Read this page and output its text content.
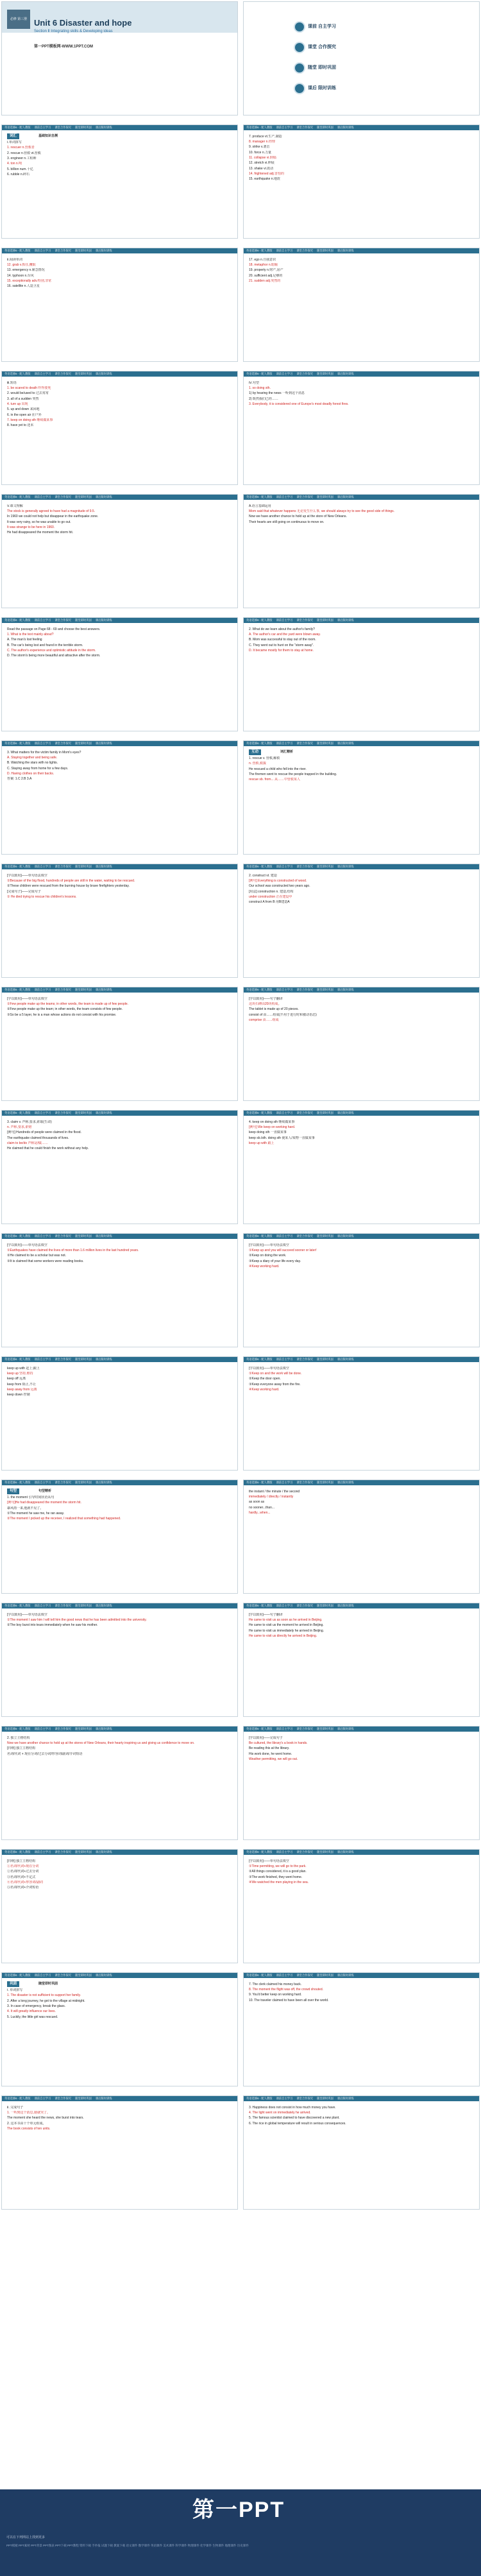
必修 第三册 Unit 6 Disaster and hope
Section Ⅱ Integrating skills & Developing ideas
第一PPT模板网-WWW.1PPT.COM
课前 自主学习
课堂 合作探究
随堂 即时巩固
课后 限时训练
英语选修6 · 配人教版 课前自主学习 课堂合作探究 随堂即时巩固 课后限时训练
词汇	基础知识自测
Ⅰ.单词拼写
1. rescuer n.营救者
2. rescue n.营救 vt.营救
3. engineer n.工程师
4. ton n.吨
5. billion num.十亿
6. rubble n.碎石
英语选修6 · 配人教版 课前自主学习 课堂合作探究 随堂即时巩固 课后限时训练
7. produce vt.生产,制造
8. manager n.经理
9. strike v.袭击
10. force n.力量
11. collapse vi.倒塌
12. stretch vi.伸展
13. shake vi.震动
14. frightened adj.害怕的
15. earthquake n.地震
英语选修6 · 配人教版 课前自主学习 课堂合作探究 随堂即时巩固 课后限时训练
Ⅱ.阅读单词
12. grab v.抓住,攫取
13. emergency n.紧急情况
14. typhoon n.台风
15. exceptionally adv.特别,非常
16. satellite n.人造卫星
英语选修6 · 配人教版 课前自主学习 课堂合作探究 随堂即时巩固 课后限时训练
17. ego n.自我意识
18. metaphor n.暗喻
19. property n.财产,房产
20. sufficient adj.足够的
21. sudden adj.突然的
英语选修6 · 配人教版 课前自主学习 课堂合作探究 随堂即时巩固 课后限时训练
Ⅲ.短语
1. be scared to death 吓得要死
2. would be/used to 过去常常
3. all of a sudden 突然
4. turn up 出现
5. up and down 来回地
6. in the open air 在户外
7. keep on doing sth 继续做某事
8. have yet to 还未
英语选修6 · 配人教版 课前自主学习 课堂合作探究 随堂即时巩固 课后限时训练
Ⅳ.句型
1. so doing sth.
1) by hearing the news 一听到这个消息
2) 既然我们已经……
3. Everybody, it is considered one of Europe's most deadly forest fires.
英语选修6 · 配人教版 课前自主学习 课堂合作探究 随堂即时巩固 课后限时训练
Ⅴ.课文理解
The stock is generally agreed to have had a magnitude of 9.5.
In 1960 we could not help but disappear in the earthquake zone.
It was very rainy, so he was unable to go out.
It was strange to be here in 1960.
He had disappeared the moment the storm hit.
英语选修6 · 配人教版 课前自主学习 课堂合作探究 随堂即时巩固 课后限时训练
A.语言基础运用
Mom said that whatever happens 无论发生什么事, we should always try to see the good side of things.
Now we have another chance to hold up at the store of New Orleans.
Their hearts are still going on continuous to move on.
英语选修6 · 配人教版 课前自主学习 课堂合作探究 随堂即时巩固 课后限时训练
Read the passage on Page 68 - 69 and choose the best answers.
1. What is the text mainly about?
A. The man's lost feeling
B. The car's being lost and found in the terrible storm.
C. The author's experience and optimistic attitude in the storm.
D. The storm's being more beautiful and attractive after the storm.
英语选修6 · 配人教版 课前自主学习 课堂合作探究 随堂即时巩固 课后限时训练
2. What do we learn about the author's family?
A. The author's car and the yard were blown away.
B. Mom was successful to stay out of the room.
C. They went out to hunt on the "storm away".
D. It became mostly for them to stay at home.
英语选修6 · 配人教版 课前自主学习 课堂合作探究 随堂即时巩固 课后限时训练
3. What matters for the victim family in Mom's eyes?
A. Staying together and being safe.
B. Watching the stars with no lights.
C. Staying away from home for a few days.
D. Having clothes on their backs.
答案: 1.C 2.B 3.A
英语选修6 · 配人教版 课前自主学习 课堂合作探究 随堂即时巩固 课后限时训练
互动	词汇精析
1. rescue v. 营救,解救
n. 营救,救援
He rescued a child who fell into the river.
The firemen went to rescue the people trapped in the building.
rescue sb. from... 从……中营救某人
英语选修6 · 配人教版 课前自主学习 课堂合作探究 随堂即时巩固 课后限时训练
[学以致用]——单句语法填空
①Because of the big flood, hundreds of people are still in the water, waiting to be rescued.
②These children were rescued from the burning house by brave firefighters yesterday.
[完成句子]——完成句子
① He died trying to rescue his children's lessons.
英语选修6 · 配人教版 课前自主学习 课堂合作探究 随堂即时巩固 课后限时训练
2. construct vt. 建造
[例句] Everything is constructed of wood.
Our school was constructed two years ago.
[用法] construction n. 建造,结构
under construction 正在建设中
construct A from B 用B建造A
英语选修6 · 配人教版 课前自主学习 课堂合作探究 随堂即时巩固 课后限时训练
[学以致用]——单句语法填空
①Few people make up the teams; in other words, the team is made up of few people.
②Few people make up the team; in other words, the team consists of few people.
③So be a 5 layer, he is a man whose actions do not consist with his promise.
英语选修6 · 配人教版 课前自主学习 课堂合作探究 随堂即时巩固 课后限时训练
[学以致用]——句子翻译
这块石碑由20块构成。
The tablet is made up of 20 pieces.
consist of 由……组成(不用于进行时和被动语态)
comprise 由……组成
英语选修6 · 配人教版 课前自主学习 课堂合作探究 随堂即时巩固 课后限时训练
3. claim v. 声称,要求,索取(生命)
n. 声称,要求,索赔
[例句] Hundreds of people were claimed in the flood.
The earthquake claimed thousands of lives.
claim to be/do 声称是/做……
He claimed that he could finish the work without any help.
英语选修6 · 配人教版 课前自主学习 课堂合作探究 随堂即时巩固 课后限时训练
4. keep on doing sth 继续做某事
[例句] We keep on working hard.
keep doing sth 一直做某事
keep sb./sth. doing sth 使某人/某物一直做某事
keep up with 跟上
英语选修6 · 配人教版 课前自主学习 课堂合作探究 随堂即时巩固 课后限时训练
[学以致用]——单句语法填空
①Earthquakes have claimed the lives of more than 1.6 million lives in the last hundred years.
②He claimed to be a scholar but was not.
③It is claimed that some workers were reading books.
英语选修6 · 配人教版 课前自主学习 课堂合作探究 随堂即时巩固 课后限时训练
[学以致用]——单句语法填空
①Keep up and you will succeed sooner or later!
②Keep on doing the work.
③Keep a diary of your life every day.
④Keep working hard.
英语选修6 · 配人教版 课前自主学习 课堂合作探究 随堂即时巩固 课后限时训练
keep up with 赶上;跟上
keep up 坚持,维持
keep off 远离
keep from 阻止,不让
keep away from 远离
keep down 控制
英语选修6 · 配人教版 课前自主学习 课堂合作探究 随堂即时巩固 课后限时训练
[学以致用]——单句语法填空
①Keep on and the work will be done.
②Keep the door open.
③Keep everyone away from the fire.
④Keep working hard.
英语选修6 · 配人教版 课前自主学习 课堂合作探究 随堂即时巩固 课后限时训练
句型	句型精析
1. the moment 引导时间状语从句
[例句]He had disappeared the moment the storm hit.
暴风雨一来,他就不见了。
①The moment he saw me, he ran away.
②The moment I picked up the receiver, I realized that something had happened.
英语选修6 · 配人教版 课前自主学习 课堂合作探究 随堂即时巩固 课后限时训练
the instant / the minute / the second
immediately / directly / instantly
as soon as
no sooner...than...
hardly...when...
英语选修6 · 配人教版 课前自主学习 课堂合作探究 随堂即时巩固 课后限时训练
[学以致用]——单句语法填空
①The moment I saw him I will tell him the good news that he has been admitted into the university.
②The boy burst into tears immediately when he saw his mother.
英语选修6 · 配人教版 课前自主学习 课堂合作探究 随堂即时巩固 课后限时训练
[学以致用]——句子翻译
He came to visit us as soon as he arrived in Beijing.
He came to visit us the moment he arrived in Beijing.
He came to visit us immediately he arrived in Beijing.
He came to visit us directly he arrived in Beijing.
英语选修6 · 配人教版 课前自主学习 课堂合作探究 随堂即时巩固 课后限时训练
2. 独立主格结构
Now we have another chance to hold up at the stores of New Orleans, their hearty inspiring us and giving us confidence to move on.
[归纳] 独立主格结构
名词/代词 + 现在分词/过去分词/形容词/副词/介词短语
英语选修6 · 配人教版 课前自主学习 课堂合作探究 随堂即时巩固 课后限时训练
[学以致用]——完成句子
Be cultured, the library's a book in hands.
Be reading this at the library.
His work done, he went home.
Weather permitting, we will go out.
英语选修6 · 配人教版 课前自主学习 课堂合作探究 随堂即时巩固 课后限时训练
[归纳] 独立主格结构
①名词/代词+现在分词
②名词/代词+过去分词
③名词/代词+不定式
④名词/代词+形容词/副词
⑤名词/代词+介词短语
英语选修6 · 配人教版 课前自主学习 课堂合作探究 随堂即时巩固 课后限时训练
[学以致用]——单句语法填空
①Time permitting, we will go to the park.
②All things considered, it is a good plan.
③The work finished, they went home.
④We watched the men playing in the sea.
英语选修6 · 配人教版 课前自主学习 课堂合作探究 随堂即时巩固 课后限时训练
巩固	随堂即时巩固
Ⅰ. 单词拼写
1. The disaster is not sufficient to support her family.
2. After a long journey, he got to the village at midnight.
3. In case of emergency, break the glass.
4. It will greatly influence our lives.
5. Luckily, the little girl was rescued.
英语选修6 · 配人教版 课前自主学习 课堂合作探究 随堂即时巩固 课后限时训练
7. The clerk claimed his money back.
8. The moment the flight was off, the crowd shouted.
9. You'd better keep on working hard.
10. The traveler claimed to have been all over the world.
英语选修6 · 配人教版 课前自主学习 课堂合作探究 随堂即时巩固 课后限时训练
Ⅱ. 完成句子
1. 一听到这个消息,她就哭了。
The moment she heard the news, she burst into tears.
2. 这本书由十个单元组成。
The book consists of ten units.
英语选修6 · 配人教版 课前自主学习 课堂合作探究 随堂即时巩固 课后限时训练
3. Happiness does not consist in how much money you have.
4. The light went on immediately he arrived.
5. The famous scientist claimed to have discovered a new plant.
6. The rice in global temperature will result in serious consequences.
第一PPT
可以在下列网站上找到更多
PPT模板 PPT素材 PPT背景 PPT图表 PPT下载 PPT教程 资料下载 手抄报 试题下载 教案下载 语文课件 数学课件 英语课件 美术课件 科学课件 物理课件 化学课件 生物课件 地理课件 历史课件
